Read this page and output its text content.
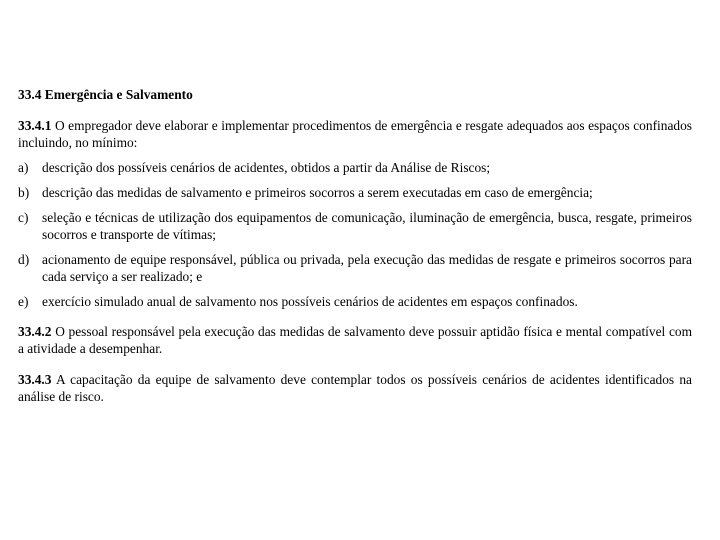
33.4 Emergência e Salvamento
33.4.1 O empregador deve elaborar e implementar procedimentos de emergência e resgate adequados aos espaços confinados incluindo, no mínimo:
a)	descrição dos possíveis cenários de acidentes, obtidos a partir da Análise de Riscos;
b) descrição das medidas de salvamento e primeiros socorros a serem executadas em caso de emergência;
c)	seleção e técnicas de utilização dos equipamentos de comunicação, iluminação de emergência, busca, resgate, primeiros socorros e transporte de vítimas;
d) acionamento de equipe responsável, pública ou privada, pela execução das medidas de resgate e primeiros socorros para cada serviço a ser realizado; e
e)	exercício simulado anual de salvamento nos possíveis cenários de acidentes em espaços confinados.
33.4.2 O pessoal responsável pela execução das medidas de salvamento deve possuir aptidão física e mental compatível com a atividade a desempenhar.
33.4.3 A capacitação da equipe de salvamento deve contemplar todos os possíveis cenários de acidentes identificados na análise de risco.
